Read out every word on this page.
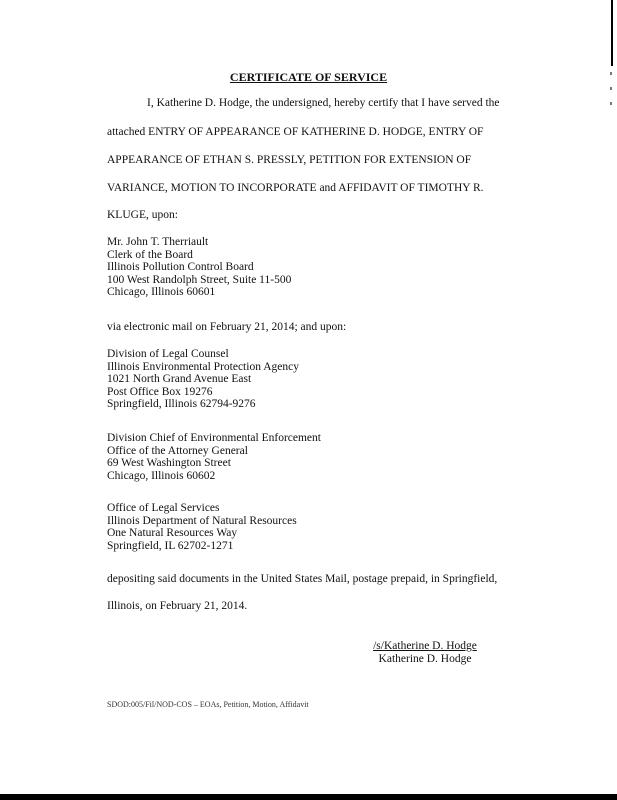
CERTIFICATE OF SERVICE
I, Katherine D. Hodge, the undersigned, hereby certify that I have served the
attached ENTRY OF APPEARANCE OF KATHERINE D. HODGE, ENTRY OF
APPEARANCE OF ETHAN S. PRESSLY, PETITION FOR EXTENSION OF
VARIANCE, MOTION TO INCORPORATE and AFFIDAVIT OF TIMOTHY R.
KLUGE, upon:
Mr. John T. Therriault
Clerk of the Board
Illinois Pollution Control Board
100 West Randolph Street, Suite 11-500
Chicago, Illinois 60601
via electronic mail on February 21, 2014; and upon:
Division of Legal Counsel
Illinois Environmental Protection Agency
1021 North Grand Avenue East
Post Office Box 19276
Springfield, Illinois 62794-9276
Division Chief of Environmental Enforcement
Office of the Attorney General
69 West Washington Street
Chicago, Illinois 60602
Office of Legal Services
Illinois Department of Natural Resources
One Natural Resources Way
Springfield, IL 62702-1271
depositing said documents in the United States Mail, postage prepaid, in Springfield,
Illinois, on February 21, 2014.
/s/Katherine D. Hodge
Katherine D. Hodge
SDOD:005/Fil/NOD-COS – EOAs, Petition, Motion, Affidavit
